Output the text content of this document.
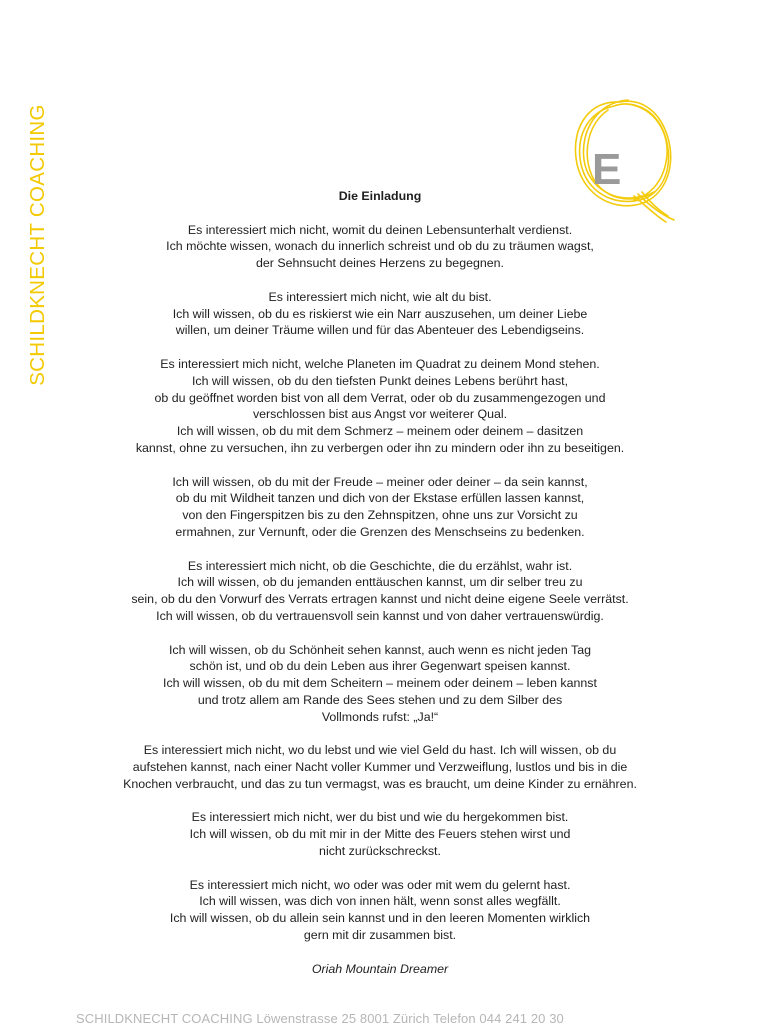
SCHILDKNECHT COACHING	E
Die Einladung
Es interessiert mich nicht, womit du deinen Lebensunterhalt verdienst.
Ich möchte wissen, wonach du innerlich schreist und ob du zu träumen wagst,
der Sehnsucht deines Herzens zu begegnen.
Es interessiert mich nicht, wie alt du bist.
Ich will wissen, ob du es riskierst wie ein Narr auszusehen, um deiner Liebe
willen, um deiner Träume willen und für das Abenteuer des Lebendigseins.
Es interessiert mich nicht, welche Planeten im Quadrat zu deinem Mond stehen.
Ich will wissen, ob du den tiefsten Punkt deines Lebens berührt hast,
ob du geöffnet worden bist von all dem Verrat, oder ob du zusammengezogen und
verschlossen bist aus Angst vor weiterer Qual.
Ich will wissen, ob du mit dem Schmerz – meinem oder deinem – dasitzen
kannst, ohne zu versuchen, ihn zu verbergen oder ihn zu mindern oder ihn zu beseitigen.
Ich will wissen, ob du mit der Freude – meiner oder deiner – da sein kannst,
ob du mit Wildheit tanzen und dich von der Ekstase erfüllen lassen kannst,
von den Fingerspitzen bis zu den Zehnspitzen, ohne uns zur Vorsicht zu
ermahnen, zur Vernunft, oder die Grenzen des Menschseins zu bedenken.
Es interessiert mich nicht, ob die Geschichte, die du erzählst, wahr ist.
Ich will wissen, ob du jemanden enttäuschen kannst, um dir selber treu zu
sein, ob du den Vorwurf des Verrats ertragen kannst und nicht deine eigene Seele verrätst.
Ich will wissen, ob du vertrauensvoll sein kannst und von daher vertrauenswürdig.
Ich will wissen, ob du Schönheit sehen kannst, auch wenn es nicht jeden Tag
schön ist, und ob du dein Leben aus ihrer Gegenwart speisen kannst.
Ich will wissen, ob du mit dem Scheitern – meinem oder deinem – leben kannst
und trotz allem am Rande des Sees stehen und zu dem Silber des
Vollmonds rufst: „Ja!“
Es interessiert mich nicht, wo du lebst und wie viel Geld du hast. Ich will wissen, ob du
aufstehen kannst, nach einer Nacht voller Kummer und Verzweiflung, lustlos und bis in die
Knochen verbraucht, und das zu tun vermagst, was es braucht, um deine Kinder zu ernähren.
Es interessiert mich nicht, wer du bist und wie du hergekommen bist.
Ich will wissen, ob du mit mir in der Mitte des Feuers stehen wirst und
nicht zurückschreckst.
Es interessiert mich nicht, wo oder was oder mit wem du gelernt hast.
Ich will wissen, was dich von innen hält, wenn sonst alles wegfällt.
Ich will wissen, ob du allein sein kannst und in den leeren Momenten wirklich
gern mit dir zusammen bist.
Oriah Mountain Dreamer
SCHILDKNECHT COACHING Löwenstrasse 25 8001 Zürich Telefon 044 241 20 30
